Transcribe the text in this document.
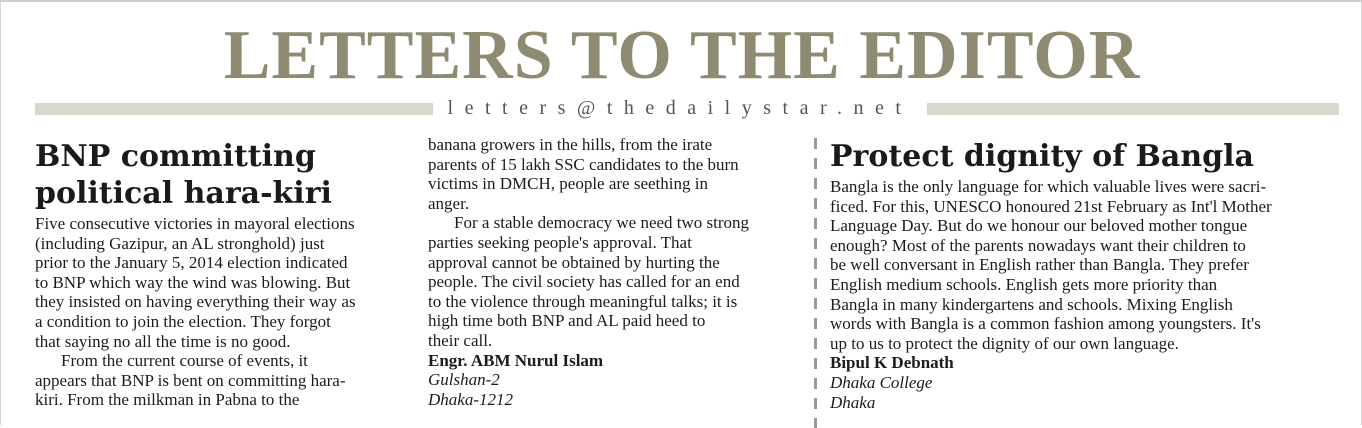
LETTERS TO THE EDITOR
letters@thedailystar.net
BNP committing
political hara-kiri

Five consecutive victories in mayoral elections

(including Gazipur, an AL stronghold) just

prior to the January 5, 2014 election indicated

to BNP which way the wind was blowing. But

they insisted on having everything their way as

a condition to join the election. They forgot

that saying no all the time is no good.

From the current course of events, it

appears that BNP is bent on committing hara-

kiri. From the milkman in Pabna to the

banana growers in the hills, from the irate

parents of 15 lakh SSC candidates to the burn

victims in DMCH, people are seething in

anger.

For a stable democracy we need two strong

parties seeking people's approval. That

approval cannot be obtained by hurting the

people. The civil society has called for an end

to the violence through meaningful talks; it is

high time both BNP and AL paid heed to

their call.

Engr. ABM Nurul Islam

Gulshan-2

Dhaka-1212

Protect dignity of Bangla

Bangla is the only language for which valuable lives were sacri-

ficed. For this, UNESCO honoured 21st February as Int'l Mother

Language Day. But do we honour our beloved mother tongue

enough? Most of the parents nowadays want their children to

be well conversant in English rather than Bangla. They prefer

English medium schools. English gets more priority than

Bangla in many kindergartens and schools. Mixing English

words with Bangla is a common fashion among youngsters. It's

up to us to protect the dignity of our own language.

Bipul K Debnath

Dhaka College

Dhaka
